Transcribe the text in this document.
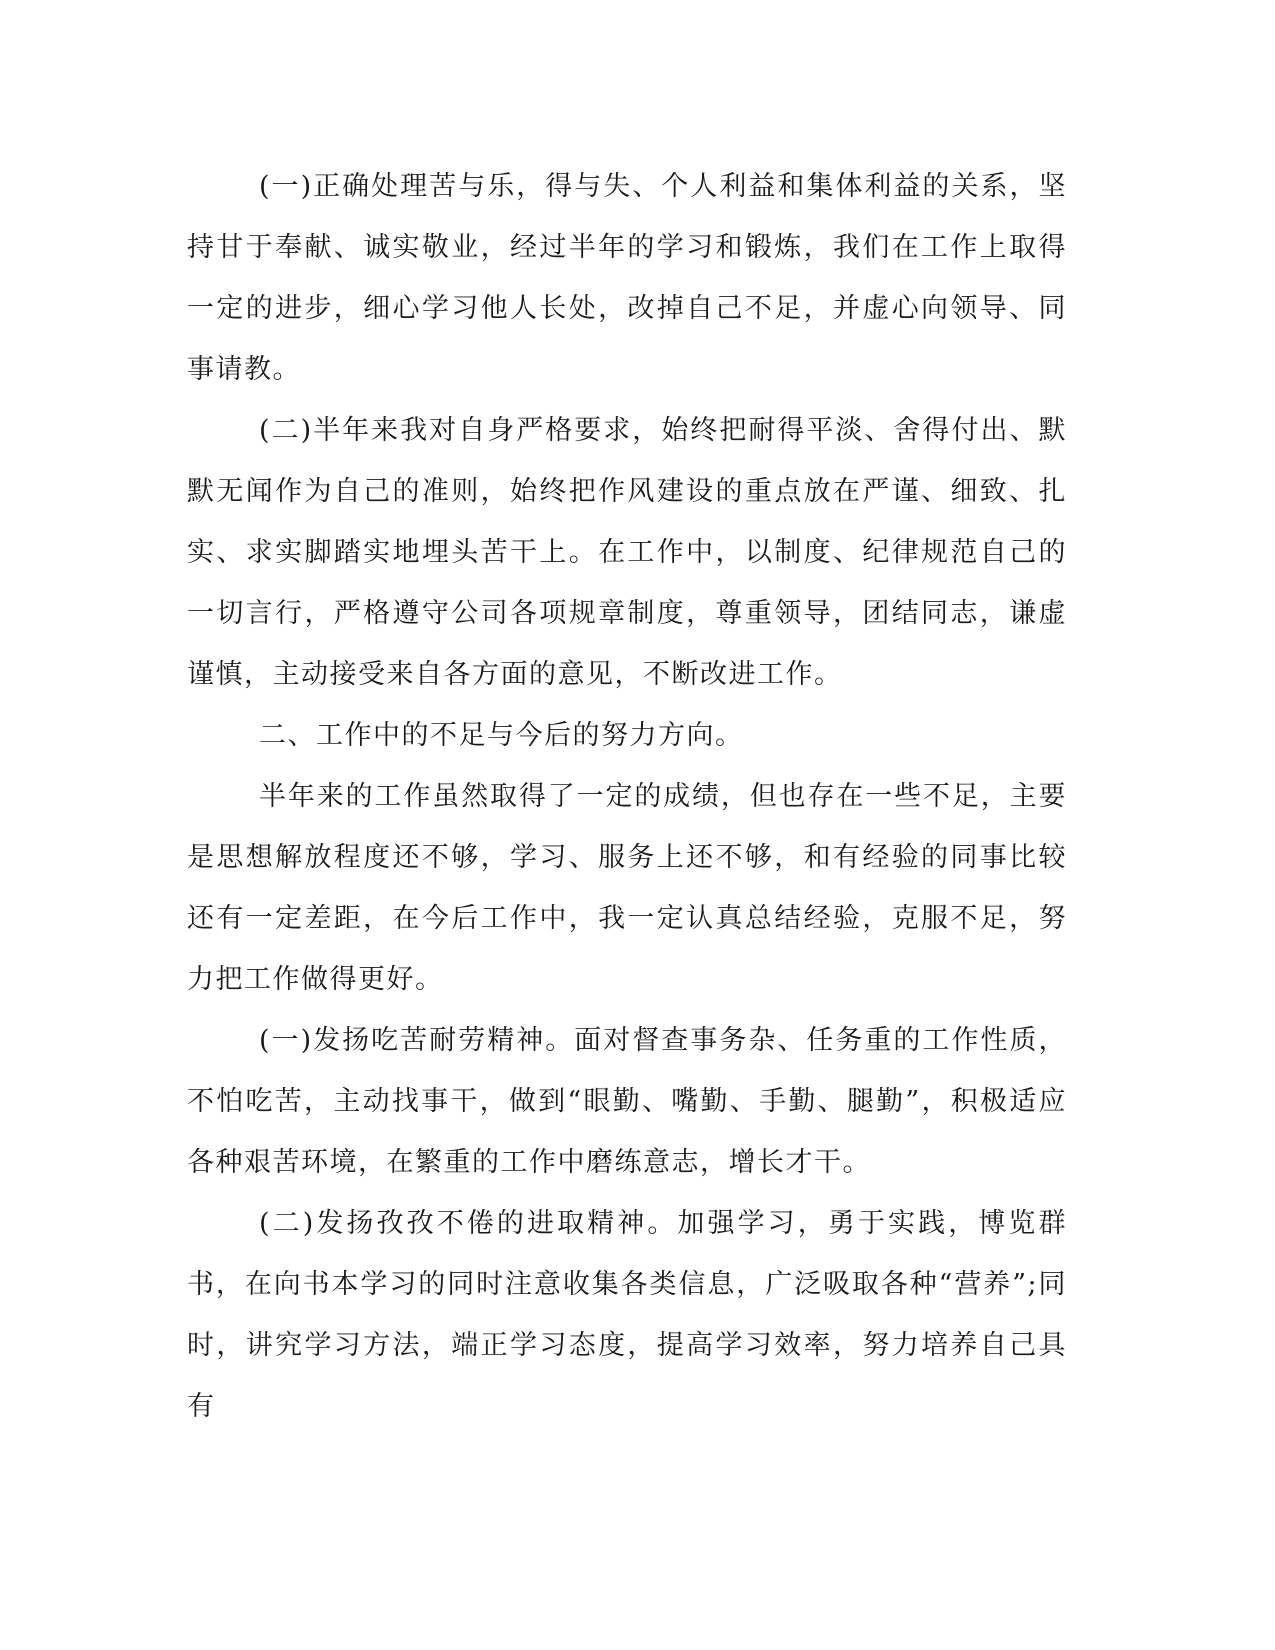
(一)正确处理苦与乐，得与失、个人利益和集体利益的关系，坚持甘于奉献、诚实敬业，经过半年的学习和锻炼，我们在工作上取得一定的进步，细心学习他人长处，改掉自己不足，并虚心向领导、同事请教。

(二)半年来我对自身严格要求，始终把耐得平淡、舍得付出、默默无闻作为自己的准则，始终把作风建设的重点放在严谨、细致、扎实、求实脚踏实地埋头苦干上。在工作中，以制度、纪律规范自己的一切言行，严格遵守公司各项规章制度，尊重领导，团结同志，谦虚谨慎，主动接受来自各方面的意见，不断改进工作。

二、工作中的不足与今后的努力方向。

半年来的工作虽然取得了一定的成绩，但也存在一些不足，主要是思想解放程度还不够，学习、服务上还不够，和有经验的同事比较还有一定差距，在今后工作中，我一定认真总结经验，克服不足，努力把工作做得更好。

(一)发扬吃苦耐劳精神。面对督查事务杂、任务重的工作性质，不怕吃苦，主动找事干，做到“眼勤、嘴勤、手勤、腿勤”，积极适应各种艰苦环境，在繁重的工作中磨练意志，增长才干。

(二)发扬孜孜不倦的进取精神。加强学习，勇于实践，博览群书，在向书本学习的同时注意收集各类信息，广泛吸取各种“营养”;同时，讲究学习方法，端正学习态度，提高学习效率，努力培养自己具有
